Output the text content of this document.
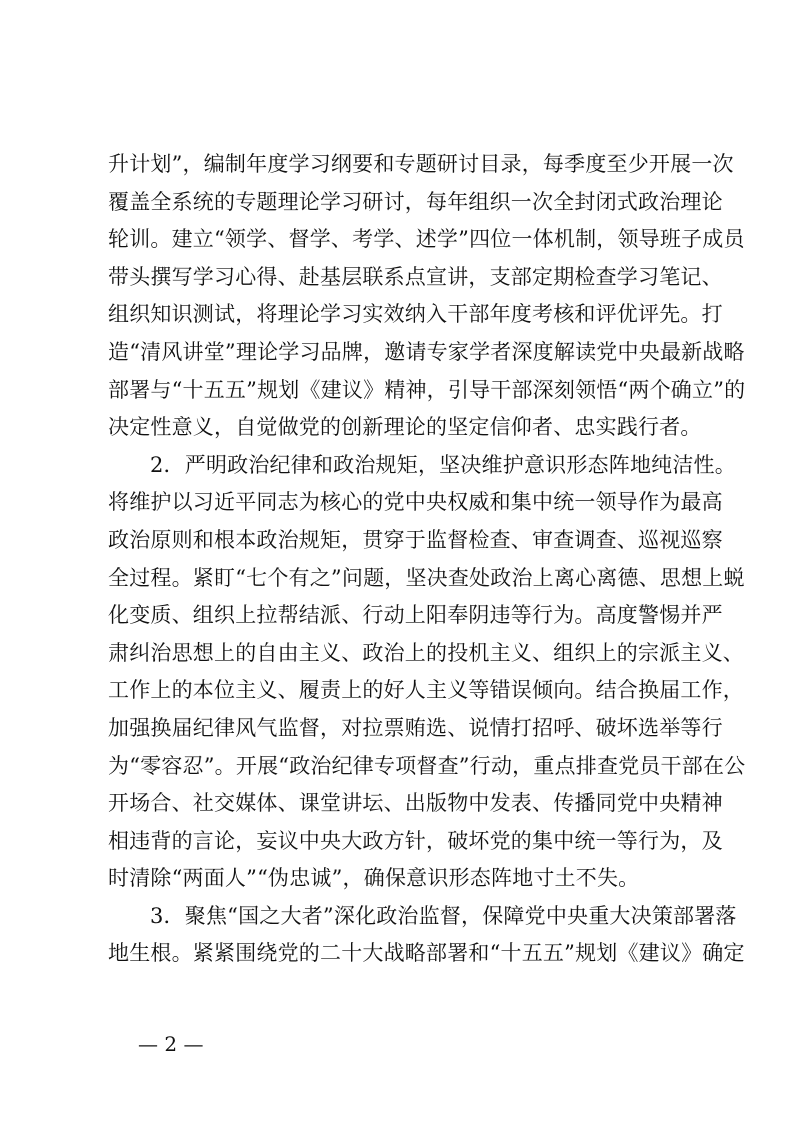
升计划”，编制年度学习纲要和专题研讨目录，每季度至少开展一次
覆盖全系统的专题理论学习研讨，每年组织一次全封闭式政治理论
轮训。建立“领学、督学、考学、述学”四位一体机制，领导班子成员
带头撰写学习心得、赴基层联系点宣讲，支部定期检查学习笔记、
组织知识测试，将理论学习实效纳入干部年度考核和评优评先。打
造“清风讲堂”理论学习品牌，邀请专家学者深度解读党中央最新战略
部署与“十五五”规划《建议》精神，引导干部深刻领悟“两个确立”的
决定性意义，自觉做党的创新理论的坚定信仰者、忠实践行者。
2．严明政治纪律和政治规矩，坚决维护意识形态阵地纯洁性。
将维护以习近平同志为核心的党中央权威和集中统一领导作为最高
政治原则和根本政治规矩，贯穿于监督检查、审查调查、巡视巡察
全过程。紧盯“七个有之”问题，坚决查处政治上离心离德、思想上蜕
化变质、组织上拉帮结派、行动上阳奉阴违等行为。高度警惕并严
肃纠治思想上的自由主义、政治上的投机主义、组织上的宗派主义、
工作上的本位主义、履责上的好人主义等错误倾向。结合换届工作，
加强换届纪律风气监督，对拉票贿选、说情打招呼、破坏选举等行
为“零容忍”。开展“政治纪律专项督查”行动，重点排查党员干部在公
开场合、社交媒体、课堂讲坛、出版物中发表、传播同党中央精神
相违背的言论，妄议中央大政方针，破坏党的集中统一等行为，及
时清除“两面人”“伪忠诚”，确保意识形态阵地寸土不失。
3．聚焦“国之大者”深化政治监督，保障党中央重大决策部署落
地生根。紧紧围绕党的二十大战略部署和“十五五”规划《建议》确定
— 2 —
